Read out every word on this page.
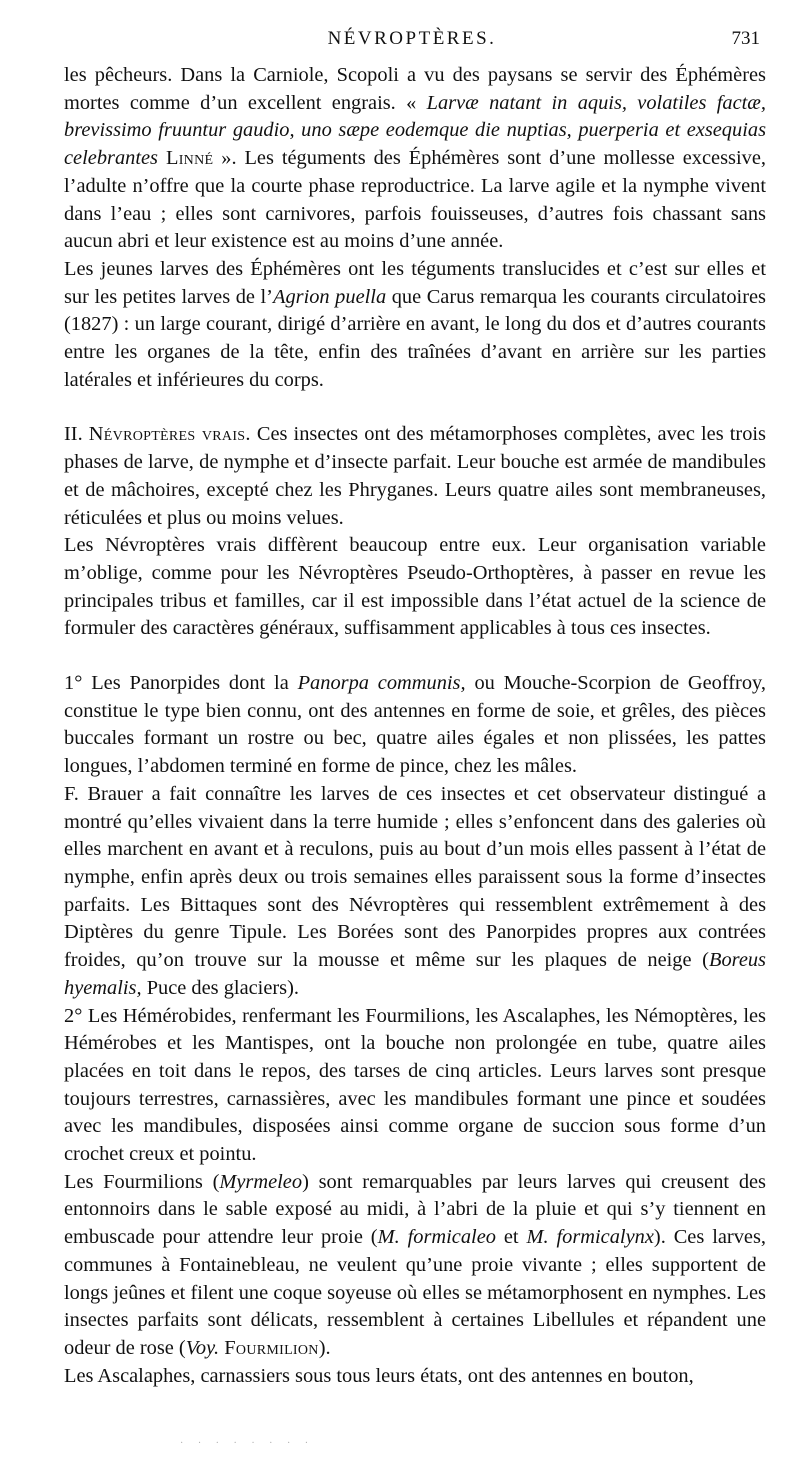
NÉVROPTÈRES.	731

les pêcheurs. Dans la Carniole, Scopoli a vu des paysans se servir des Éphémères mortes comme d’un excellent engrais. « Larvæ natant in aquis, volatiles factæ, brevissimo fruuntur gaudio, uno sæpe eodemque die nuptias, puerperia et exsequias celebrantes Linné ». Les téguments des Éphémères sont d’une mollesse excessive, l’adulte n’offre que la courte phase reproductrice. La larve agile et la nymphe vivent dans l’eau ; elles sont carnivores, parfois fouisseuses, d’autres fois chassant sans aucun abri et leur existence est au moins d’une année.

Les jeunes larves des Éphémères ont les téguments translucides et c’est sur elles et sur les petites larves de l’Agrion puella que Carus remarqua les courants circulatoires (1827) : un large courant, dirigé d’arrière en avant, le long du dos et d’autres courants entre les organes de la tête, enfin des traînées d’avant en arrière sur les parties latérales et inférieures du corps.

II. Névroptères vrais. Ces insectes ont des métamorphoses complètes, avec les trois phases de larve, de nymphe et d’insecte parfait. Leur bouche est armée de mandibules et de mâchoires, excepté chez les Phryganes. Leurs quatre ailes sont membraneuses, réticulées et plus ou moins velues.

Les Névroptères vrais diffèrent beaucoup entre eux. Leur organisation variable m’oblige, comme pour les Névroptères Pseudo-Orthoptères, à passer en revue les principales tribus et familles, car il est impossible dans l’état actuel de la science de formuler des caractères généraux, suffisamment applicables à tous ces insectes.

1° Les Panorpides dont la Panorpa communis, ou Mouche-Scorpion de Geoffroy, constitue le type bien connu, ont des antennes en forme de soie, et grêles, des pièces buccales formant un rostre ou bec, quatre ailes égales et non plissées, les pattes longues, l’abdomen terminé en forme de pince, chez les mâles.

F. Brauer a fait connaître les larves de ces insectes et cet observateur distingué a montré qu’elles vivaient dans la terre humide ; elles s’enfoncent dans des galeries où elles marchent en avant et à reculons, puis au bout d’un mois elles passent à l’état de nymphe, enfin après deux ou trois semaines elles paraissent sous la forme d’insectes parfaits. Les Bittaques sont des Névroptères qui ressemblent extrêmement à des Diptères du genre Tipule. Les Borées sont des Panorpides propres aux contrées froides, qu’on trouve sur la mousse et même sur les plaques de neige (Boreus hyemalis, Puce des glaciers).

2° Les Hémérobides, renfermant les Fourmilions, les Ascalaphes, les Némoptères, les Hémérobes et les Mantispes, ont la bouche non prolongée en tube, quatre ailes placées en toit dans le repos, des tarses de cinq articles. Leurs larves sont presque toujours terrestres, carnassières, avec les mandibules formant une pince et soudées avec les mandibules, disposées ainsi comme organe de succion sous forme d’un crochet creux et pointu.

Les Fourmilions (Myrmeleo) sont remarquables par leurs larves qui creusent des entonnoirs dans le sable exposé au midi, à l’abri de la pluie et qui s’y tiennent en embuscade pour attendre leur proie (M. formicaleo et M. formicalynx). Ces larves, communes à Fontainebleau, ne veulent qu’une proie vivante ; elles supportent de longs jeûnes et filent une coque soyeuse où elles se métamorphosent en nymphes. Les insectes parfaits sont délicats, ressemblent à certaines Libellules et répandent une odeur de rose (Voy. Fourmilion).

Les Ascalaphes, carnassiers sous tous leurs états, ont des antennes en bouton,

· · · · · · · ·
